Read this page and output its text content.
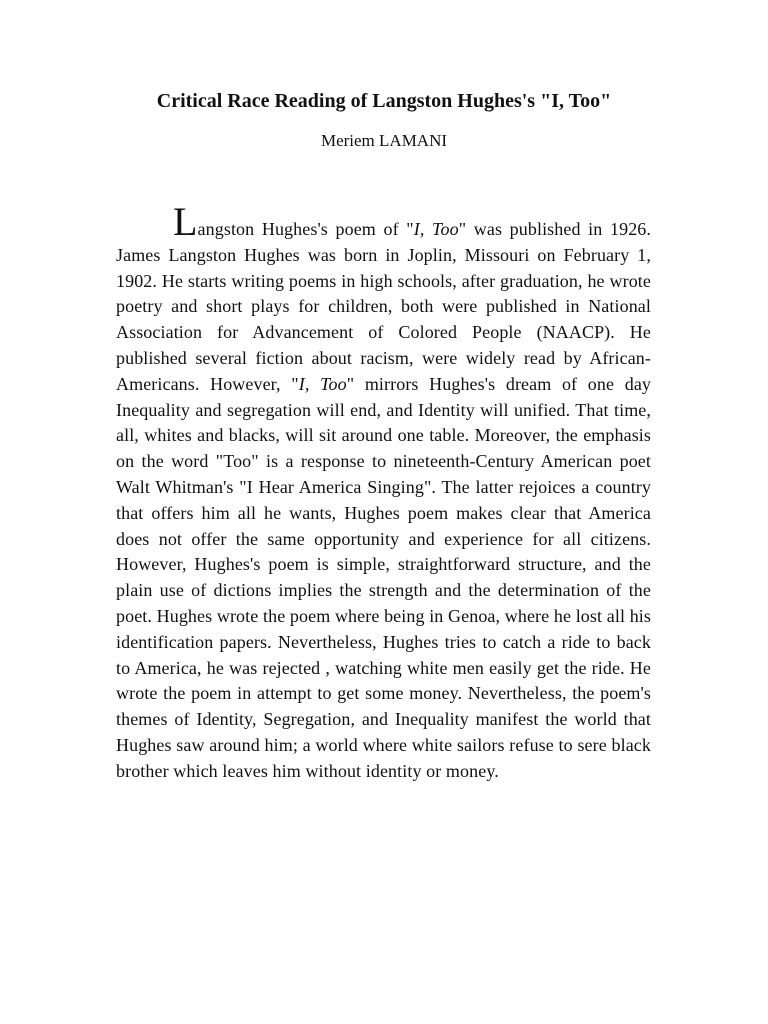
Critical Race Reading of Langston Hughes's "I, Too"
Meriem LAMANI

Langston Hughes's poem of "I, Too" was published in 1926. James Langston Hughes was born in Joplin, Missouri on February 1, 1902. He starts writing poems in high schools, after graduation, he wrote poetry and short plays for children, both were published in National Association for Advancement of Colored People (NAACP). He published several fiction about racism, were widely read by African-Americans. However, "I, Too" mirrors Hughes's dream of one day Inequality and segregation will end, and Identity will unified. That time, all, whites and blacks, will sit around one table. Moreover, the emphasis on the word "Too" is a response to nineteenth-Century American poet Walt Whitman's "I Hear America Singing". The latter rejoices a country that offers him all he wants, Hughes poem makes clear that America does not offer the same opportunity and experience for all citizens. However, Hughes's poem is simple, straightforward structure, and the plain use of dictions implies the strength and the determination of the poet. Hughes wrote the poem where being in Genoa, where he lost all his identification papers. Nevertheless, Hughes tries to catch a ride to back to America, he was rejected , watching white men easily get the ride. He wrote the poem in attempt to get some money. Nevertheless, the poem's themes of Identity, Segregation, and Inequality manifest the world that Hughes saw around him; a world where white sailors refuse to sere black brother which leaves him without identity or money.
